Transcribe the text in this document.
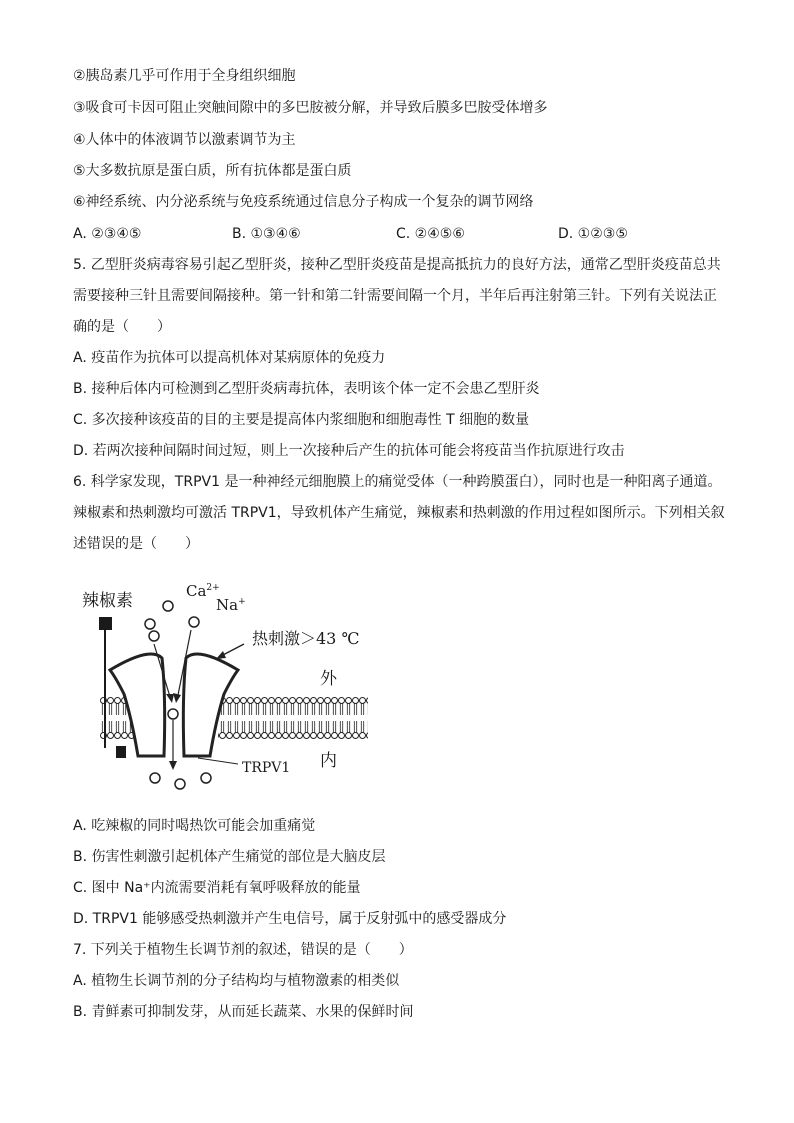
②胰岛素几乎可作用于全身组织细胞
③吸食可卡因可阻止突触间隙中的多巴胺被分解，并导致后膜多巴胺受体增多
④人体中的体液调节以激素调节为主
⑤大多数抗原是蛋白质，所有抗体都是蛋白质
⑥神经系统、内分泌系统与免疫系统通过信息分子构成一个复杂的调节网络
A. ②③④⑤	B. ①③④⑥	C. ②④⑤⑥	D. ①②③⑤
5. 乙型肝炎病毒容易引起乙型肝炎，接种乙型肝炎疫苗是提高抵抗力的良好方法，通常乙型肝炎疫苗总共
需要接种三针且需要间隔接种。第一针和第二针需要间隔一个月，半年后再注射第三针。下列有关说法正
确的是（　　）
A. 疫苗作为抗体可以提高机体对某病原体的免疫力
B. 接种后体内可检测到乙型肝炎病毒抗体，表明该个体一定不会患乙型肝炎
C. 多次接种该疫苗的目的主要是提高体内浆细胞和细胞毒性 T 细胞的数量
D. 若两次接种间隔时间过短，则上一次接种后产生的抗体可能会将疫苗当作抗原进行攻击
6. 科学家发现，TRPV1 是一种神经元细胞膜上的痛觉受体（一种跨膜蛋白），同时也是一种阳离子通道。
辣椒素和热刺激均可激活 TRPV1，导致机体产生痛觉，辣椒素和热刺激的作用过程如图所示。下列相关叙
述错误的是（　　）
辣椒素	$Ca^{2+}$
Na+
热刺激＞43 ℃
外
内
TRPV1
A. 吃辣椒的同时喝热饮可能会加重痛觉
B. 伤害性刺激引起机体产生痛觉的部位是大脑皮层
C. 图中 Na⁺内流需要消耗有氧呼吸释放的能量
D. TRPV1 能够感受热刺激并产生电信号，属于反射弧中的感受器成分
7. 下列关于植物生长调节剂的叙述，错误的是（　　）
A. 植物生长调节剂的分子结构均与植物激素的相类似
B. 青鲜素可抑制发芽，从而延长蔬菜、水果的保鲜时间
